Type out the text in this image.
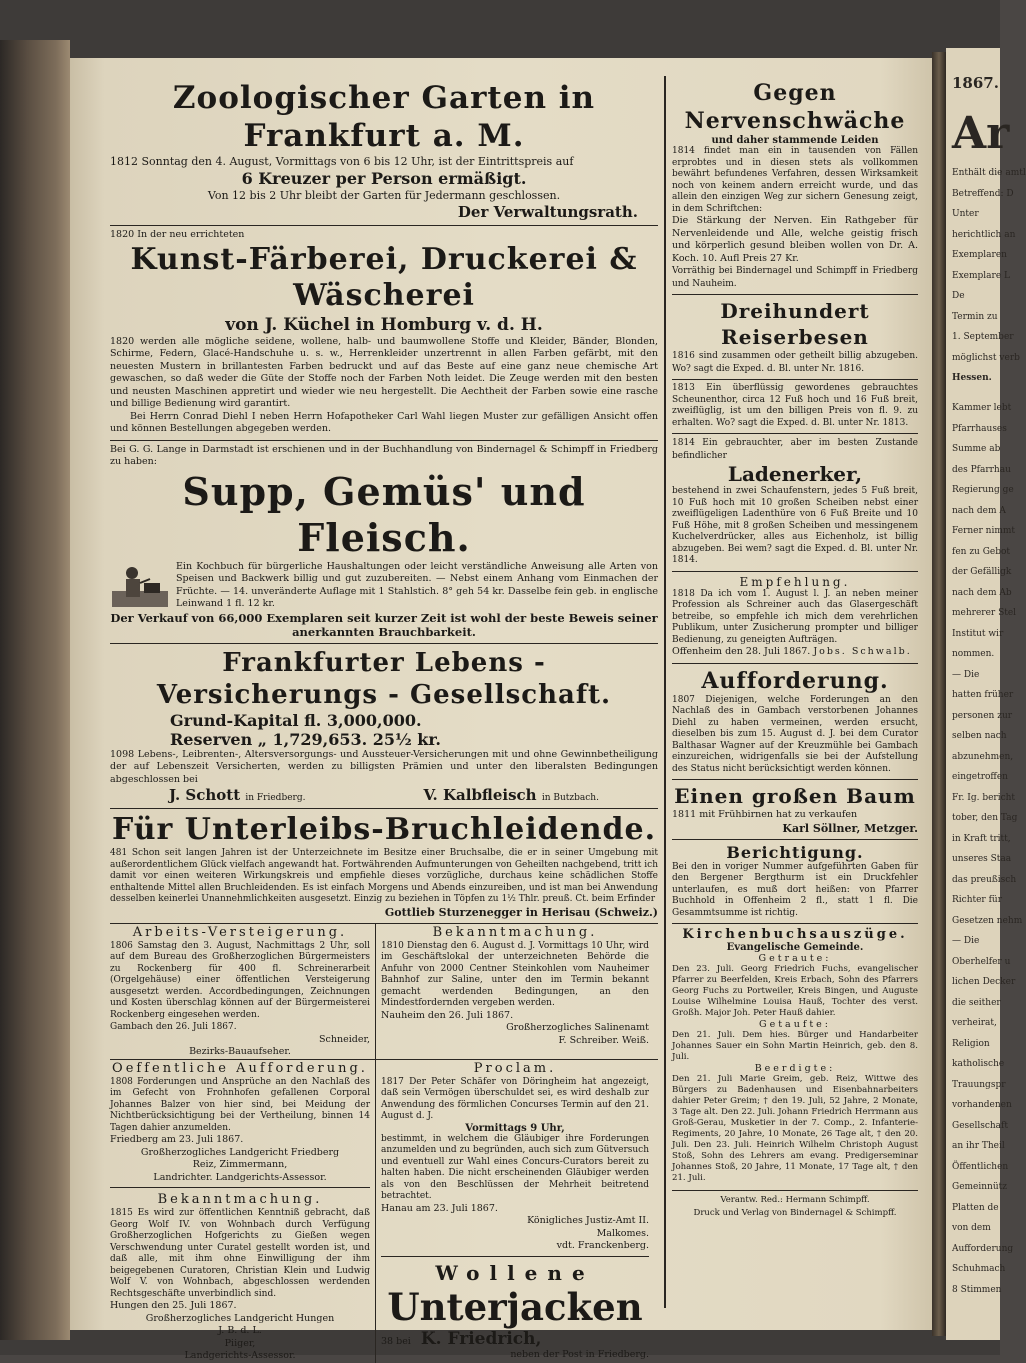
Zoologischer Garten in Frankfurt a. M.
1812 Sonntag den 4. August, Vormittags von 6 bis 12 Uhr, ist der Eintrittspreis auf
6 Kreuzer per Person ermäßigt.
Von 12 bis 2 Uhr bleibt der Garten für Jedermann geschlossen.
Der Verwaltungsrath.
1820 In der neu errichteten
Kunst-Färberei, Druckerei & Wäscherei
von J. Küchel in Homburg v. d. H.
1820 werden alle mögliche seidene, wollene, halb- und baumwollene Stoffe und Kleider, Bänder, Blonden, Schirme, Federn, Glacé-Handschuhe u. s. w., Herrenkleider unzertrennt in allen Farben gefärbt, mit den neuesten Mustern in brillantesten Farben bedruckt und auf das Beste auf eine ganz neue chemische Art gewaschen, so daß weder die Güte der Stoffe noch der Farben Noth leidet. Die Zeuge werden mit den besten und neusten Maschinen appretirt und wieder wie neu hergestellt. Die Aechtheit der Farben sowie eine rasche und billige Bedienung wird garantirt.
Bei Herrn Conrad Diehl I neben Herrn Hofapotheker Carl Wahl liegen Muster zur gefälligen Ansicht offen und können Bestellungen abgegeben werden.
Bei G. G. Lange in Darmstadt ist erschienen und in der Buchhandlung von Bindernagel & Schimpff in Friedberg zu haben:
Supp, Gemüs' und Fleisch.
Ein Kochbuch für bürgerliche Haushaltungen oder leicht verständliche Anweisung alle Arten von Speisen und Backwerk billig und gut zuzubereiten. — Nebst einem Anhang vom Einmachen der Früchte. — 14. unveränderte Auflage mit 1 Stahlstich. 8° geh 54 kr. Dasselbe fein geb. in englische Leinwand 1 fl. 12 kr.
Der Verkauf von 66,000 Exemplaren seit kurzer Zeit ist wohl der beste Beweis seiner anerkannten Brauchbarkeit.
Frankfurter Lebens - Versicherungs - Gesellschaft.
Grund-Kapital fl. 3,000,000.
Reserven „ 1,729,653. 25½ kr.
1098 Lebens-, Leibrenten-, Altersversorgungs- und Aussteuer-Versicherungen mit und ohne Gewinnbetheiligung der auf Lebenszeit Versicherten, werden zu billigsten Prämien und unter den liberalsten Bedingungen abgeschlossen bei
J. Schott in Friedberg.	V. Kalbfleisch in Butzbach.
Für Unterleibs-Bruchleidende.
481 Schon seit langen Jahren ist der Unterzeichnete im Besitze einer Bruchsalbe, die er in seiner Umgebung mit außerordentlichem Glück vielfach angewandt hat. Fortwährenden Aufmunterungen von Geheilten nachgebend, tritt ich damit vor einen weiteren Wirkungskreis und empfiehle dieses vorzügliche, durchaus keine schädlichen Stoffe enthaltende Mittel allen Bruchleidenden. Es ist einfach Morgens und Abends einzureiben, und ist man bei Anwendung desselben keinerlei Unannehmlichkeiten ausgesetzt. Einzig zu beziehen in Töpfen zu 1½ Thlr. preuß. Ct. beim Erfinder
Gottlieb Sturzenegger in Herisau (Schweiz.)
Arbeits-Versteigerung.
1806 Samstag den 3. August, Nachmittags 2 Uhr, soll auf dem Bureau des Großherzoglichen Bürgermeisters zu Rockenberg für 400 fl. Schreinerarbeit (Orgelgehäuse) einer öffentlichen Versteigerung ausgesetzt werden. Accordbedingungen, Zeichnungen und Kosten überschlag können auf der Bürgermeisterei Rockenberg eingesehen werden.
Gambach den 26. Juli 1867.
Schneider,
Bezirks-Bauaufseher.
Bekanntmachung.
1810 Dienstag den 6. August d. J. Vormittags 10 Uhr, wird im Geschäftslokal der unterzeichneten Behörde die Anfuhr von 2000 Centner Steinkohlen vom Nauheimer Bahnhof zur Saline, unter den im Termin bekannt gemacht werdenden Bedingungen, an den Mindestfordernden vergeben werden.
Nauheim den 26. Juli 1867.
Großherzogliches Salinenamt
F. Schreiber. Weiß.
Oeffentliche Aufforderung.
1808 Forderungen und Ansprüche an den Nachlaß des im Gefecht von Frohnhofen gefallenen Corporal Johannes Balzer von hier sind, bei Meidung der Nichtberücksichtigung bei der Vertheilung, binnen 14 Tagen dahier anzumelden.
Friedberg am 23. Juli 1867.
Großherzogliches Landgericht Friedberg
Reiz, Zimmermann,
Landrichter. Landgerichts-Assessor.
Bekanntmachung.
1815 Es wird zur öffentlichen Kenntniß gebracht, daß Georg Wolf IV. von Wohnbach durch Verfügung Großherzoglichen Hofgerichts zu Gießen wegen Verschwendung unter Curatel gestellt worden ist, und daß alle, mit ihm ohne Einwilligung der ihm beigegebenen Curatoren, Christian Klein und Ludwig Wolf V. von Wohnbach, abgeschlossen werdenden Rechtsgeschäfte unverbindlich sind.
Hungen den 25. Juli 1867.
Großherzogliches Landgericht Hungen
J. B. d. L.
Piiger,
Landgerichts-Assessor.
Proclam.
1817 Der Peter Schäfer von Döringheim hat angezeigt, daß sein Vermögen überschuldet sei, es wird deshalb zur Anwendung des förmlichen Concurses Termin auf den 21. August d. J.
Vormittags 9 Uhr,
bestimmt, in welchem die Gläubiger ihre Forderungen anzumelden und zu begründen, auch sich zum Gütversuch und eventuell zur Wahl eines Concurs-Curators bereit zu halten haben. Die nicht erscheinenden Gläubiger werden als von den Beschlüssen der Mehrheit beitretend betrachtet.
Hanau am 23. Juli 1867.
Königliches Justiz-Amt II.
Malkomes.
vdt. Franckenberg.
Wollene
Unterjacken
38 bei K. Friedrich,
neben der Post in Friedberg.
Gegen Nervenschwäche
und daher stammende Leiden
1814 findet man ein in tausenden von Fällen erprobtes und in diesen stets als vollkommen bewährt befundenes Verfahren, dessen Wirksamkeit noch von keinem andern erreicht wurde, und das allein den einzigen Weg zur sichern Genesung zeigt, in dem Schriftchen:
Die Stärkung der Nerven. Ein Rathgeber für Nervenleidende und Alle, welche geistig frisch und körperlich gesund bleiben wollen von Dr. A. Koch. 10. Aufl Preis 27 Kr.
Vorräthig bei Bindernagel und Schimpff in Friedberg und Nauheim.
Dreihundert Reiserbesen
1816 sind zusammen oder getheilt billig abzugeben. Wo? sagt die Exped. d. Bl. unter Nr. 1816.
1813 Ein überflüssig gewordenes gebrauchtes Scheunenthor, circa 12 Fuß hoch und 16 Fuß breit, zweiflüglig, ist um den billigen Preis von fl. 9. zu erhalten. Wo? sagt die Exped. d. Bl. unter Nr. 1813.
1814 Ein gebrauchter, aber im besten Zustande befindlicher
Ladenerker,
bestehend in zwei Schaufenstern, jedes 5 Fuß breit, 10 Fuß hoch mit 10 großen Scheiben nebst einer zweiflügeligen Ladenthüre von 6 Fuß Breite und 10 Fuß Höhe, mit 8 großen Scheiben und messingenem Kuchelverdrücker, alles aus Eichenholz, ist billig abzugeben. Bei wem? sagt die Exped. d. Bl. unter Nr. 1814.
Empfehlung.
1818 Da ich vom 1. August l. J. an neben meiner Profession als Schreiner auch das Glasergeschäft betreibe, so empfehle ich mich dem verehrlichen Publikum, unter Zusicherung prompter und billiger Bedienung, zu geneigten Aufträgen.
Offenheim den 28. Juli 1867. Jobs. Schwalb.
Aufforderung.
1807 Diejenigen, welche Forderungen an den Nachlaß des in Gambach verstorbenen Johannes Diehl zu haben vermeinen, werden ersucht, dieselben bis zum 15. August d. J. bei dem Curator Balthasar Wagner auf der Kreuzmühle bei Gambach einzureichen, widrigenfalls sie bei der Aufstellung des Status nicht berücksichtigt werden können.
Einen großen Baum
1811 mit Frühbirnen hat zu verkaufen
Karl Söllner, Metzger.
Berichtigung.
Bei den in voriger Nummer aufgeführten Gaben für den Bergener Bergthurm ist ein Druckfehler unterlaufen, es muß dort heißen: von Pfarrer Buchhold in Offenheim 2 fl., statt 1 fl. Die Gesammtsumme ist richtig.
Kirchenbuchsauszüge.
Evangelische Gemeinde.
Getraute:
Den 23. Juli. Georg Friedrich Fuchs, evangelischer Pfarrer zu Beerfelden, Kreis Erbach, Sohn des Pfarrers Georg Fuchs zu Portweiler, Kreis Bingen, und Auguste Louise Wilhelmine Louisa Hauß, Tochter des verst. Großh. Major Joh. Peter Hauß dahier.
Getaufte:
Den 21. Juli. Dem hies. Bürger und Handarbeiter Johannes Sauer ein Sohn Martin Heinrich, geb. den 8. Juli.
Beerdigte:
Den 21. Juli Marie Greim, geb. Reiz, Wittwe des Bürgers zu Badenhausen und Eisenbahnarbeiters dahier Peter Greim; † den 19. Juli, 52 Jahre, 2 Monate, 3 Tage alt. Den 22. Juli. Johann Friedrich Herrmann aus Groß-Gerau, Musketier in der 7. Comp., 2. Infanterie-Regiments, 20 Jahre, 10 Monate, 26 Tage alt, † den 20. Juli. Den 23. Juli. Heinrich Wilhelm Christoph August Stoß, Sohn des Lehrers am evang. Predigerseminar Johannes Stoß, 20 Jahre, 11 Monate, 17 Tage alt, † den 21. Juli.
Verantw. Red.: Hermann Schimpff.
Druck und Verlag von Bindernagel & Schimpff.
1867.
Ar
Enthält die amtl
Betreffend: D
Unter
herichtlich an
Exemplaren
Exemplare L
De
Termin zu
1. September
möglichst verb
Hessen.
Kammer lebt
Pfarrhauses
Summe ab
des Pfarrhau
Regierung ge
nach dem A
Ferner nimmt
fen zu Gebot
der Gefälligk
nach dem Ab
mehrerer Stel
Institut wir
nommen.
— Die
hatten früher
personen zur
selben nach
abzunehmen,
eingetroffen
Fr. Ig. bericht
tober, den Tag
in Kraft tritt,
unseres Staa
das preußisch
Richter für
Gesetzen nehm
— Die
Oberhelfer u
lichen Decker
die seither
verheirat,
Religion
katholische
Trauungspr
vorhandenen
Gesellschaft
an ihr Theil
Öffentlichen
Gemeinnütz
Platten de
von dem
Aufforderung
Schuhmach
8 Stimmen
